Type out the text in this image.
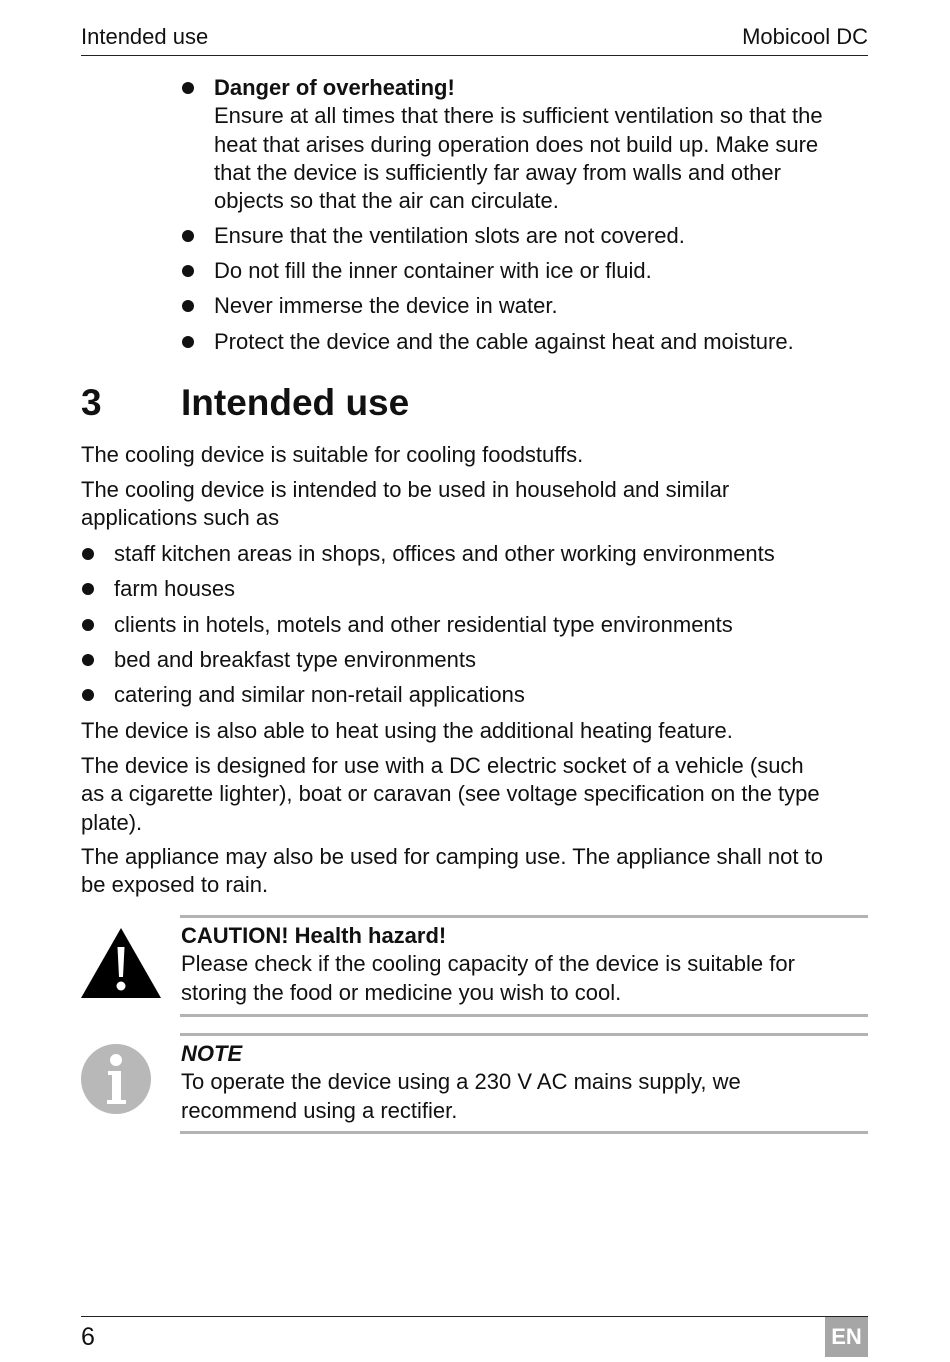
Intended use	Mobicool DC
Danger of overheating!
Ensure at all times that there is sufficient ventilation so that the
heat that arises during operation does not build up. Make sure
that the device is sufficiently far away from walls and other
objects so that the air can circulate.
Ensure that the ventilation slots are not covered.
Do not fill the inner container with ice or fluid.
Never immerse the device in water.
Protect the device and the cable against heat and moisture.
3 Intended use
The cooling device is suitable for cooling foodstuffs.
The cooling device is intended to be used in household and similar
applications such as
staff kitchen areas in shops, offices and other working environments
farm houses
clients in hotels, motels and other residential type environments
bed and breakfast type environments
catering and similar non-retail applications
The device is also able to heat using the additional heating feature.
The device is designed for use with a DC electric socket of a vehicle (such
as a cigarette lighter), boat or caravan (see voltage specification on the type
plate).
The appliance may also be used for camping use. The appliance shall not to
be exposed to rain.
CAUTION! Health hazard!
Please check if the cooling capacity of the device is suitable for
storing the food or medicine you wish to cool.
NOTE
To operate the device using a 230 V AC mains supply, we
recommend using a rectifier.
6	EN
